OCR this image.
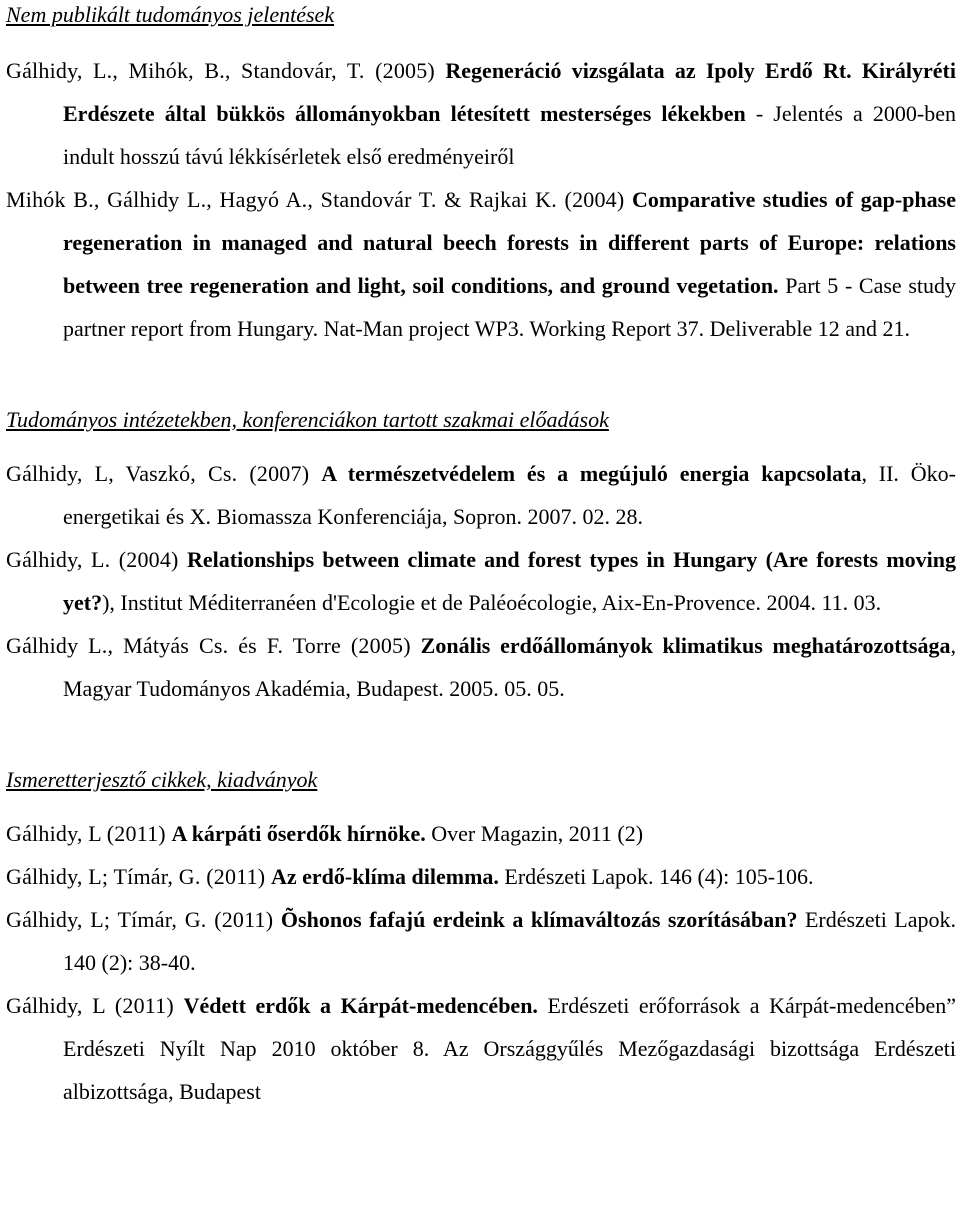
Nem publikált tudományos jelentések

Gálhidy, L., Mihók, B., Standovár, T. (2005) Regeneráció vizsgálata az Ipoly Erdő Rt. Királyréti Erdészete által bükkös állományokban létesített mesterséges lékekben - Jelentés a 2000-ben indult hosszú távú lékkísérletek első eredményeiről

Mihók B., Gálhidy L., Hagyó A., Standovár T. & Rajkai K. (2004) Comparative studies of gap-phase regeneration in managed and natural beech forests in different parts of Europe: relations between tree regeneration and light, soil conditions, and ground vegetation. Part 5 - Case study partner report from Hungary. Nat-Man project WP3. Working Report 37. Deliverable 12 and 21.

Tudományos intézetekben, konferenciákon tartott szakmai előadások

Gálhidy, L, Vaszkó, Cs. (2007) A természetvédelem és a megújuló energia kapcsolata, II. Öko-energetikai és X. Biomassza Konferenciája, Sopron. 2007. 02. 28.

Gálhidy, L. (2004) Relationships between climate and forest types in Hungary (Are forests moving yet?), Institut Méditerranéen d'Ecologie et de Paléoécologie, Aix-En-Provence. 2004. 11. 03.

Gálhidy L., Mátyás Cs. és F. Torre (2005) Zonális erdőállományok klimatikus meghatározottsága, Magyar Tudományos Akadémia, Budapest. 2005. 05. 05.

Ismeretterjesztő cikkek, kiadványok

Gálhidy, L (2011) A kárpáti őserdők hírnöke. Over Magazin, 2011 (2)

Gálhidy, L; Tímár, G. (2011) Az erdő-klíma dilemma. Erdészeti Lapok. 146 (4): 105-106.

Gálhidy, L; Tímár, G. (2011) Õshonos fafajú erdeink a klímaváltozás szorításában? Erdészeti Lapok. 140 (2): 38-40.

Gálhidy, L (2011) Védett erdők a Kárpát-medencében. Erdészeti erőforrások a Kárpát-medencében” Erdészeti Nyílt Nap 2010 október 8. Az Országgyűlés Mezőgazdasági bizottsága Erdészeti albizottsága, Budapest
